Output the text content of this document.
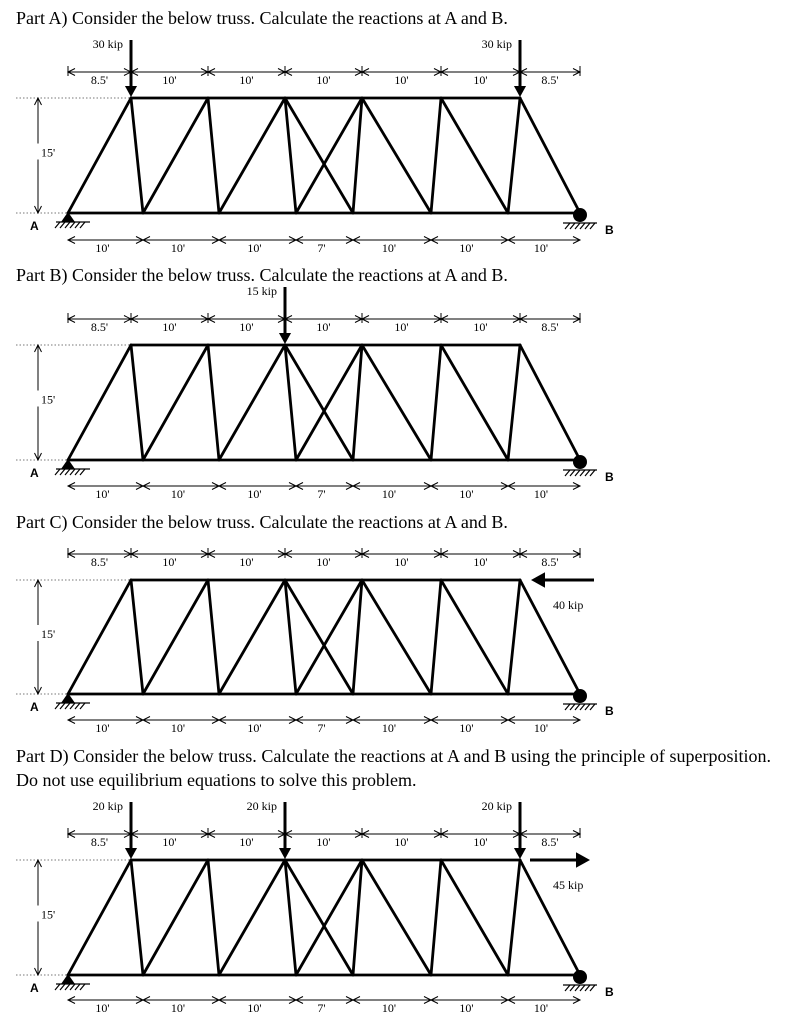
Part A) Consider the below truss. Calculate the reactions at A and B.

8.5'	10'	10'	10'	10'	10'	8.5'
10'	10'	10'	7'	10'	10'	10'
15'
A	B
30 kip	30 kip

Part B) Consider the below truss. Calculate the reactions at A and B.

8.5'	10'	10'	10'	10'	10'	8.5'
10'	10'	10'	7'	10'	10'	10'
15'
A	B
15 kip

Part C) Consider the below truss. Calculate the reactions at A and B.

8.5'	10'	10'	10'	10'	10'	8.5'
10'	10'	10'	7'	10'	10'	10'
15'
A	B
40 kip

Part D) Consider the below truss. Calculate the reactions at A and B using the principle of superposition. Do not use equilibrium equations to solve this problem.

8.5'	10'	10'	10'	10'	10'	8.5'
10'	10'	10'	7'	10'	10'	10'
15'
A	B
20 kip	20 kip	20 kip
45 kip
